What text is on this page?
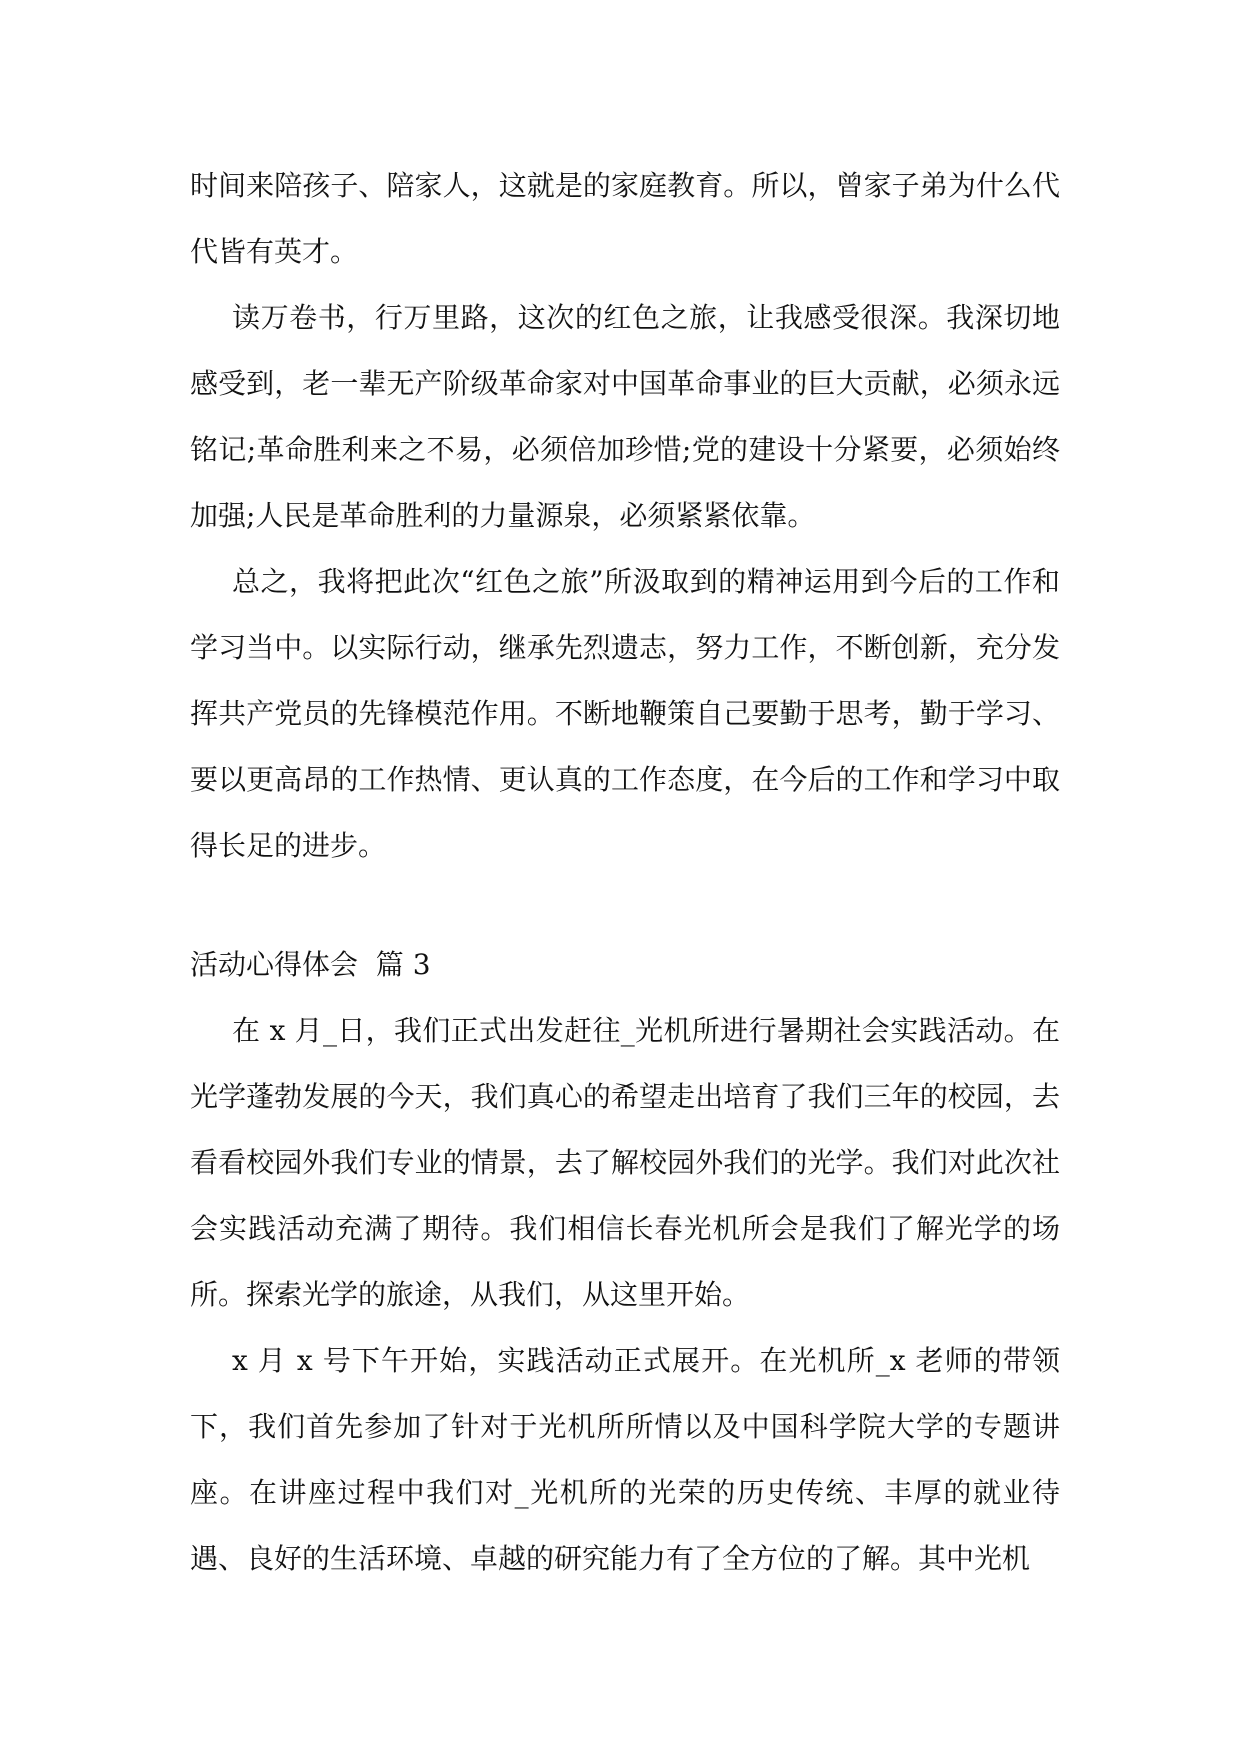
时间来陪孩子、陪家人，这就是的家庭教育。所以，曾家子弟为什么代代皆有英才。

读万卷书，行万里路，这次的红色之旅，让我感受很深。我深切地感受到，老一辈无产阶级革命家对中国革命事业的巨大贡献，必须永远铭记;革命胜利来之不易，必须倍加珍惜;党的建设十分紧要，必须始终加强;人民是革命胜利的力量源泉，必须紧紧依靠。

总之，我将把此次“红色之旅”所汲取到的精神运用到今后的工作和学习当中。以实际行动，继承先烈遗志，努力工作，不断创新，充分发挥共产党员的先锋模范作用。不断地鞭策自己要勤于思考，勤于学习、要以更高昂的工作热情、更认真的工作态度，在今后的工作和学习中取得长足的进步。

活动心得体会  篇 3

在 x 月_日，我们正式出发赶往_光机所进行暑期社会实践活动。在光学蓬勃发展的今天，我们真心的希望走出培育了我们三年的校园，去看看校园外我们专业的情景，去了解校园外我们的光学。我们对此次社会实践活动充满了期待。我们相信长春光机所会是我们了解光学的场所。探索光学的旅途，从我们，从这里开始。

x 月 x 号下午开始，实践活动正式展开。在光机所_x 老师的带领下，我们首先参加了针对于光机所所情以及中国科学院大学的专题讲座。在讲座过程中我们对_光机所的光荣的历史传统、丰厚的就业待遇、良好的生活环境、卓越的研究能力有了全方位的了解。其中光机
